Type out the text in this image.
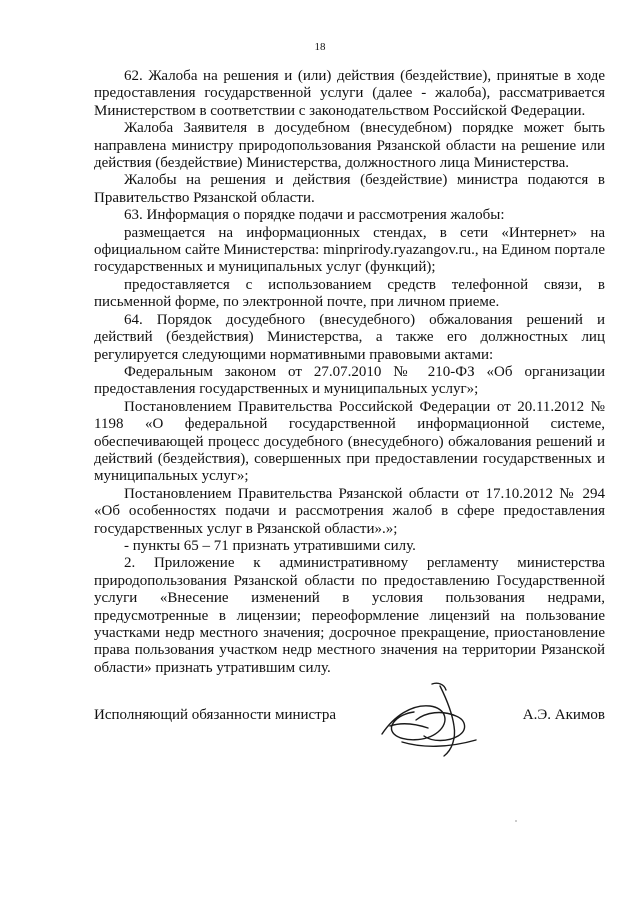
18

62. Жалоба на решения и (или) действия (бездействие), принятые в ходе предоставления государственной услуги (далее - жалоба), рассматривается Министерством в соответствии с законодательством Российской Федерации.

Жалоба Заявителя в досудебном (внесудебном) порядке может быть направлена министру природопользования Рязанской области на решение или действия (бездействие) Министерства, должностного лица Министерства.

Жалобы на решения и действия (бездействие) министра подаются в Правительство Рязанской области.

63. Информация о порядке подачи и рассмотрения жалобы:

размещается на информационных стендах, в сети «Интернет» на официальном сайте Министерства: minprirody.ryazangov.ru., на Едином портале государственных и муниципальных услуг (функций);

предоставляется с использованием средств телефонной связи, в письменной форме, по электронной почте, при личном приеме.

64. Порядок досудебного (внесудебного) обжалования решений и действий (бездействия) Министерства, а также его должностных лиц регулируется следующими нормативными правовыми актами:

Федеральным законом от 27.07.2010 № 210-ФЗ «Об организации предоставления государственных и муниципальных услуг»;

Постановлением Правительства Российской Федерации от 20.11.2012 № 1198 «О федеральной государственной информационной системе, обеспечивающей процесс досудебного (внесудебного) обжалования решений и действий (бездействия), совершенных при предоставлении государственных и муниципальных услуг»;

Постановлением Правительства Рязанской области от 17.10.2012 № 294 «Об особенностях подачи и рассмотрения жалоб в сфере предоставления государственных услуг в Рязанской области».»;

- пункты 65 – 71 признать утратившими силу.

2. Приложение к административному регламенту министерства природопользования Рязанской области по предоставлению Государственной услуги «Внесение изменений в условия пользования недрами, предусмотренные в лицензии; переоформление лицензий на пользование участками недр местного значения; досрочное прекращение, приостановление права пользования участком недр местного значения на территории Рязанской области» признать утратившим силу.

Исполняющий обязанности министра	А.Э. Акимов
